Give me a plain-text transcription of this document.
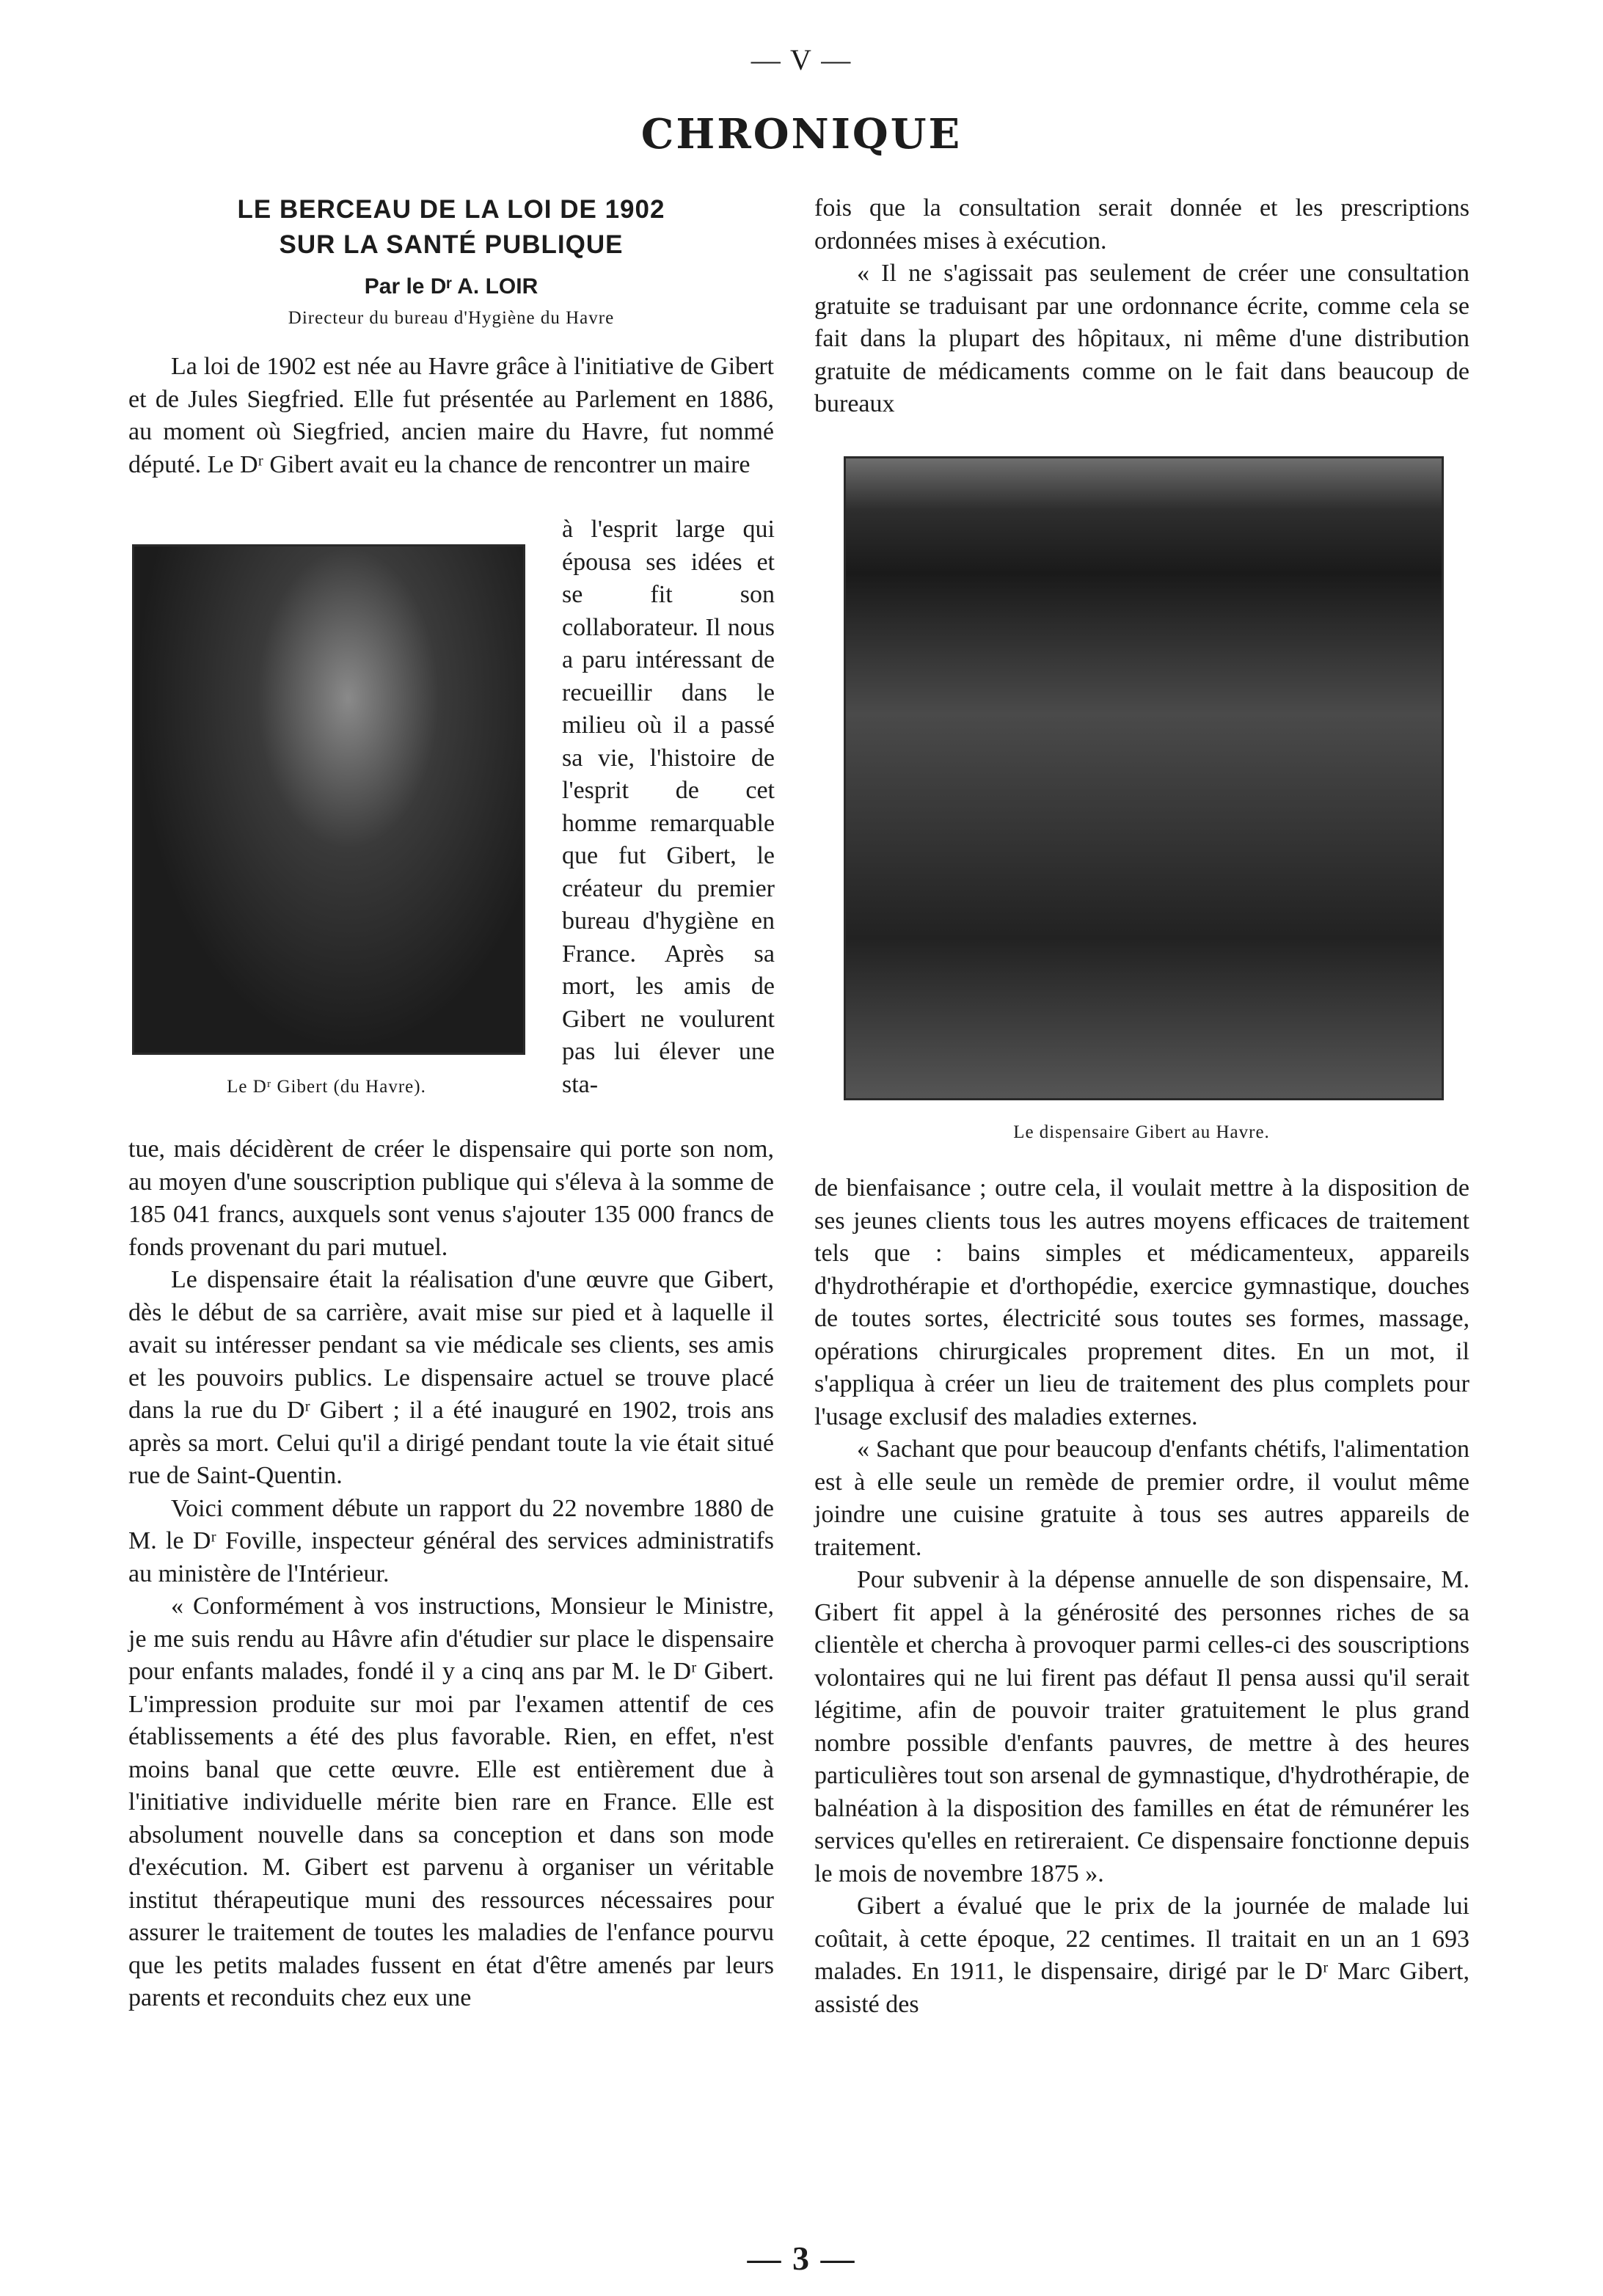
— V —
CHRONIQUE
LE BERCEAU DE LA LOI DE 1902
SUR LA SANTÉ PUBLIQUE
Par le Dʳ A. LOIR
Directeur du bureau d'Hygiène du Havre

La loi de 1902 est née au Havre grâce à l'initiative de Gibert et de Jules Siegfried. Elle fut présentée au Parlement en 1886, au moment où Siegfried, ancien maire du Havre, fut nommé député. Le Dʳ Gibert avait eu la chance de rencontrer un maire

Le Dʳ Gibert (du Havre).

à l'esprit large qui épousa ses idées et se fit son collaborateur. Il nous a paru intéressant de recueillir dans le milieu où il a passé sa vie, l'histoire de l'esprit de cet homme remarquable que fut Gibert, le créateur du premier bureau d'hygiène en France. Après sa mort, les amis de Gibert ne voulurent pas lui élever une sta-

tue, mais décidèrent de créer le dispensaire qui porte son nom, au moyen d'une souscription publique qui s'éleva à la somme de 185 041 francs, auxquels sont venus s'ajouter 135 000 francs de fonds provenant du pari mutuel.

Le dispensaire était la réalisation d'une œuvre que Gibert, dès le début de sa carrière, avait mise sur pied et à laquelle il avait su intéresser pendant sa vie médicale ses clients, ses amis et les pouvoirs publics. Le dispensaire actuel se trouve placé dans la rue du Dʳ Gibert ; il a été inauguré en 1902, trois ans après sa mort. Celui qu'il a dirigé pendant toute la vie était situé rue de Saint-Quentin.

Voici comment débute un rapport du 22 novembre 1880 de M. le Dʳ Foville, inspecteur général des services administratifs au ministère de l'Intérieur.

« Conformément à vos instructions, Monsieur le Ministre, je me suis rendu au Hâvre afin d'étudier sur place le dispensaire pour enfants malades, fondé il y a cinq ans par M. le Dʳ Gibert. L'impression produite sur moi par l'examen attentif de ces établissements a été des plus favorable. Rien, en effet, n'est moins banal que cette œuvre. Elle est entièrement due à l'initiative individuelle mérite bien rare en France. Elle est absolument nouvelle dans sa conception et dans son mode d'exécution. M. Gibert est parvenu à organiser un véritable institut thérapeutique muni des ressources nécessaires pour assurer le traitement de toutes les maladies de l'enfance pourvu que les petits malades fussent en état d'être amenés par leurs parents et reconduits chez eux une

fois que la consultation serait donnée et les prescriptions ordonnées mises à exécution.

« Il ne s'agissait pas seulement de créer une consultation gratuite se traduisant par une ordonnance écrite, comme cela se fait dans la plupart des hôpitaux, ni même d'une distribution gratuite de médicaments comme on le fait dans beaucoup de bureaux

Le dispensaire Gibert au Havre.

de bienfaisance ; outre cela, il voulait mettre à la disposition de ses jeunes clients tous les autres moyens efficaces de traitement tels que : bains simples et médicamenteux, appareils d'hydrothérapie et d'orthopédie, exercice gymnastique, douches de toutes sortes, électricité sous toutes ses formes, massage, opérations chirurgicales proprement dites. En un mot, il s'appliqua à créer un lieu de traitement des plus complets pour l'usage exclusif des maladies externes.

« Sachant que pour beaucoup d'enfants chétifs, l'alimentation est à elle seule un remède de premier ordre, il voulut même joindre une cuisine gratuite à tous ses autres appareils de traitement.

Pour subvenir à la dépense annuelle de son dispensaire, M. Gibert fit appel à la générosité des personnes riches de sa clientèle et chercha à provoquer parmi celles-ci des souscriptions volontaires qui ne lui firent pas défaut Il pensa aussi qu'il serait légitime, afin de pouvoir traiter gratuitement le plus grand nombre possible d'enfants pauvres, de mettre à des heures particulières tout son arsenal de gymnastique, d'hydrothérapie, de balnéation à la disposition des familles en état de rémunérer les services qu'elles en retireraient. Ce dispensaire fonctionne depuis le mois de novembre 1875 ».

Gibert a évalué que le prix de la journée de malade lui coûtait, à cette époque, 22 centimes. Il traitait en un an 1 693 malades. En 1911, le dispensaire, dirigé par le Dʳ Marc Gibert, assisté des

— 3 —
